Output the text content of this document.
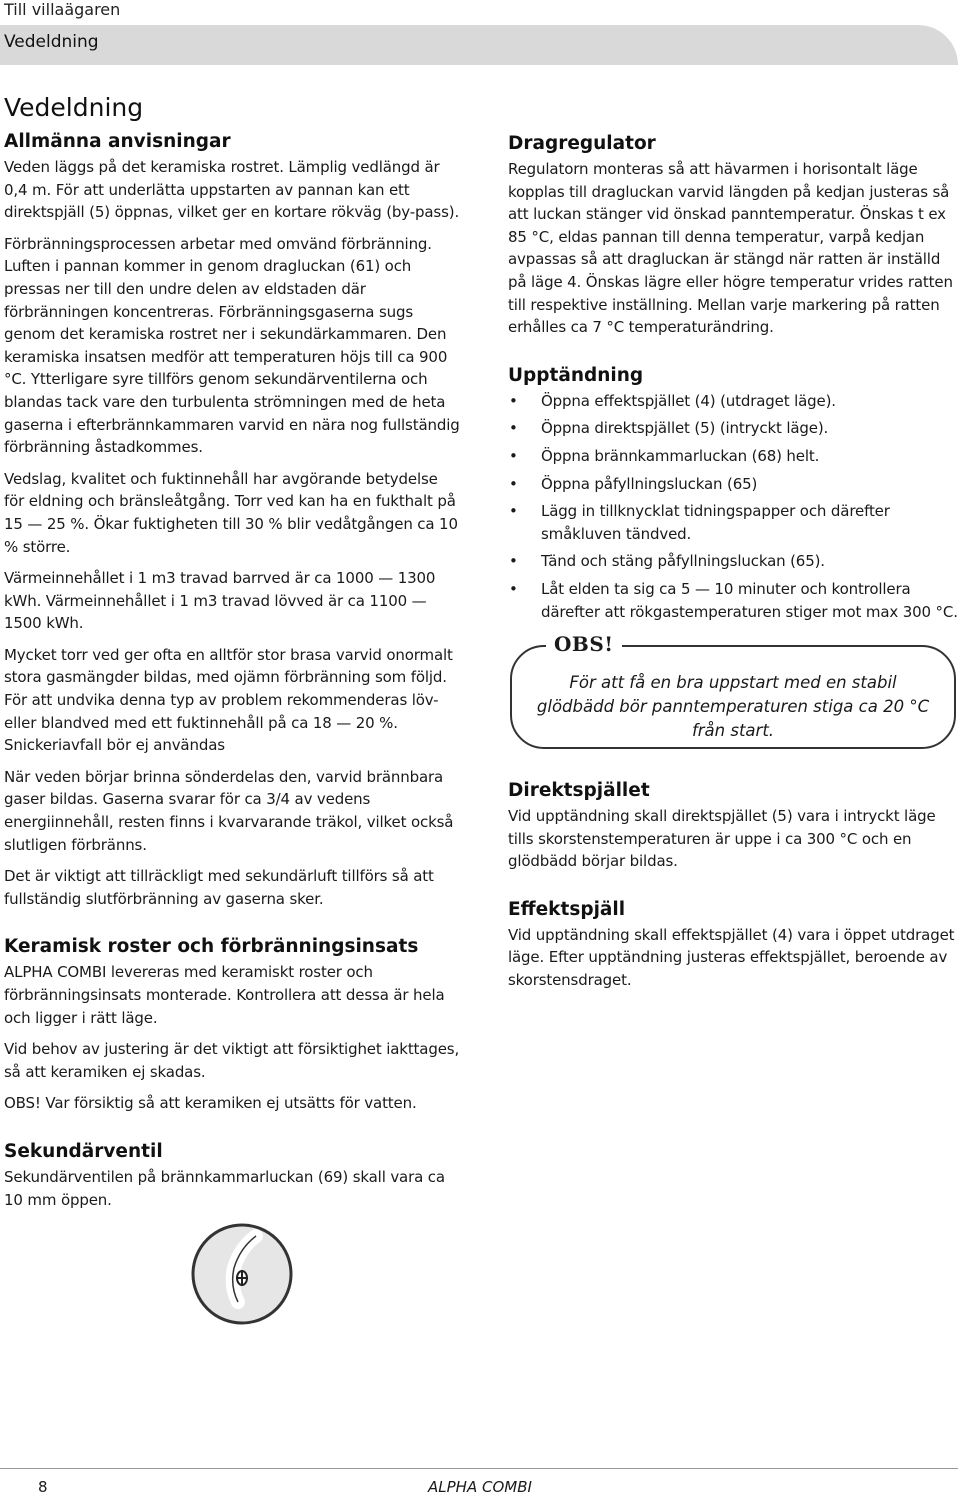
Till villaägaren
Vedeldning
Vedeldning
Allmänna anvisningar

Veden läggs på det keramiska rostret. Lämplig vedlängd är 0,4 m. För att underlätta uppstarten av pannan kan ett direktspjäll (5) öppnas, vilket ger en kortare rökväg (by-pass).

Förbränningsprocessen arbetar med omvänd förbränning. Luften i pannan kommer in genom dragluckan (61) och pressas ner till den undre delen av eldstaden där förbränningen koncentreras. Förbränningsgaserna sugs genom det keramiska rostret ner i sekundärkammaren. Den keramiska insatsen medför att temperaturen höjs till ca 900 °C. Ytterligare syre tillförs genom sekundärventilerna och blandas tack vare den turbulenta strömningen med de heta gaserna i efterbrännkammaren varvid en nära nog fullständig förbränning åstadkommes.

Vedslag, kvalitet och fuktinnehåll har avgörande betydelse för eldning och bränsleåtgång. Torr ved kan ha en fukthalt på 15 — 25 %. Ökar fuktigheten till 30 % blir vedåtgången ca 10 % större.

Värmeinnehållet i 1 m3 travad barrved är ca 1000 — 1300 kWh. Värmeinnehållet i 1 m3 travad lövved är ca 1100 — 1500 kWh.

Mycket torr ved ger ofta en alltför stor brasa varvid onormalt stora gasmängder bildas, med ojämn förbränning som följd. För att undvika denna typ av problem rekommenderas löv- eller blandved med ett fuktinnehåll på ca 18 — 20 %. Snickeriavfall bör ej användas

När veden börjar brinna sönderdelas den, varvid brännbara gaser bildas. Gaserna svarar för ca 3/4 av vedens energiinnehåll, resten finns i kvarvarande träkol, vilket också slutligen förbränns.

Det är viktigt att tillräckligt med sekundärluft tillförs så att fullständig slutförbränning av gaserna sker.

Keramisk roster och förbränningsinsats

ALPHA COMBI levereras med keramiskt roster och förbränningsinsats monterade. Kontrollera att dessa är hela och ligger i rätt läge.

Vid behov av justering är det viktigt att försiktighet iakttages, så att keramiken ej skadas.

OBS! Var försiktig så att keramiken ej utsätts för vatten.

Sekundärventil

Sekundärventilen på brännkammarluckan (69) skall vara ca 10 mm öppen.

Dragregulator

Regulatorn monteras så att hävarmen i horisontalt läge kopplas till dragluckan varvid längden på kedjan justeras så att luckan stänger vid önskad panntemperatur. Önskas t ex 85 °C, eldas pannan till denna temperatur, varpå kedjan avpassas så att dragluckan är stängd när ratten är inställd på läge 4. Önskas lägre eller högre temperatur vrides ratten till respektive inställning. Mellan varje markering på ratten erhålles ca 7 °C temperaturändring.

Upptändning
• Öppna effektspjället (4) (utdraget läge).
• Öppna direktspjället (5) (intryckt läge).
• Öppna brännkammarluckan (68) helt.
• Öppna påfyllningsluckan (65)
• Lägg in tillknycklat tidningspapper och därefter småkluven tändved.
• Tänd och stäng påfyllningsluckan (65).
• Låt elden ta sig ca 5 — 10 minuter och kontrollera därefter att rökgastemperaturen stiger mot max 300 °C.
OBS!
För att få en bra uppstart med en stabil glödbädd bör panntemperaturen stiga ca 20 °C från start.
Direktspjället

Vid upptändning skall direktspjället (5) vara i intryckt läge tills skorstenstemperaturen är uppe i ca 300 °C och en glödbädd börjar bildas.

Effektspjäll

Vid upptändning skall effektspjället (4) vara i öppet utdraget läge. Efter upptändning justeras effektspjället, beroende av skorstensdraget.

8	ALPHA COMBI
